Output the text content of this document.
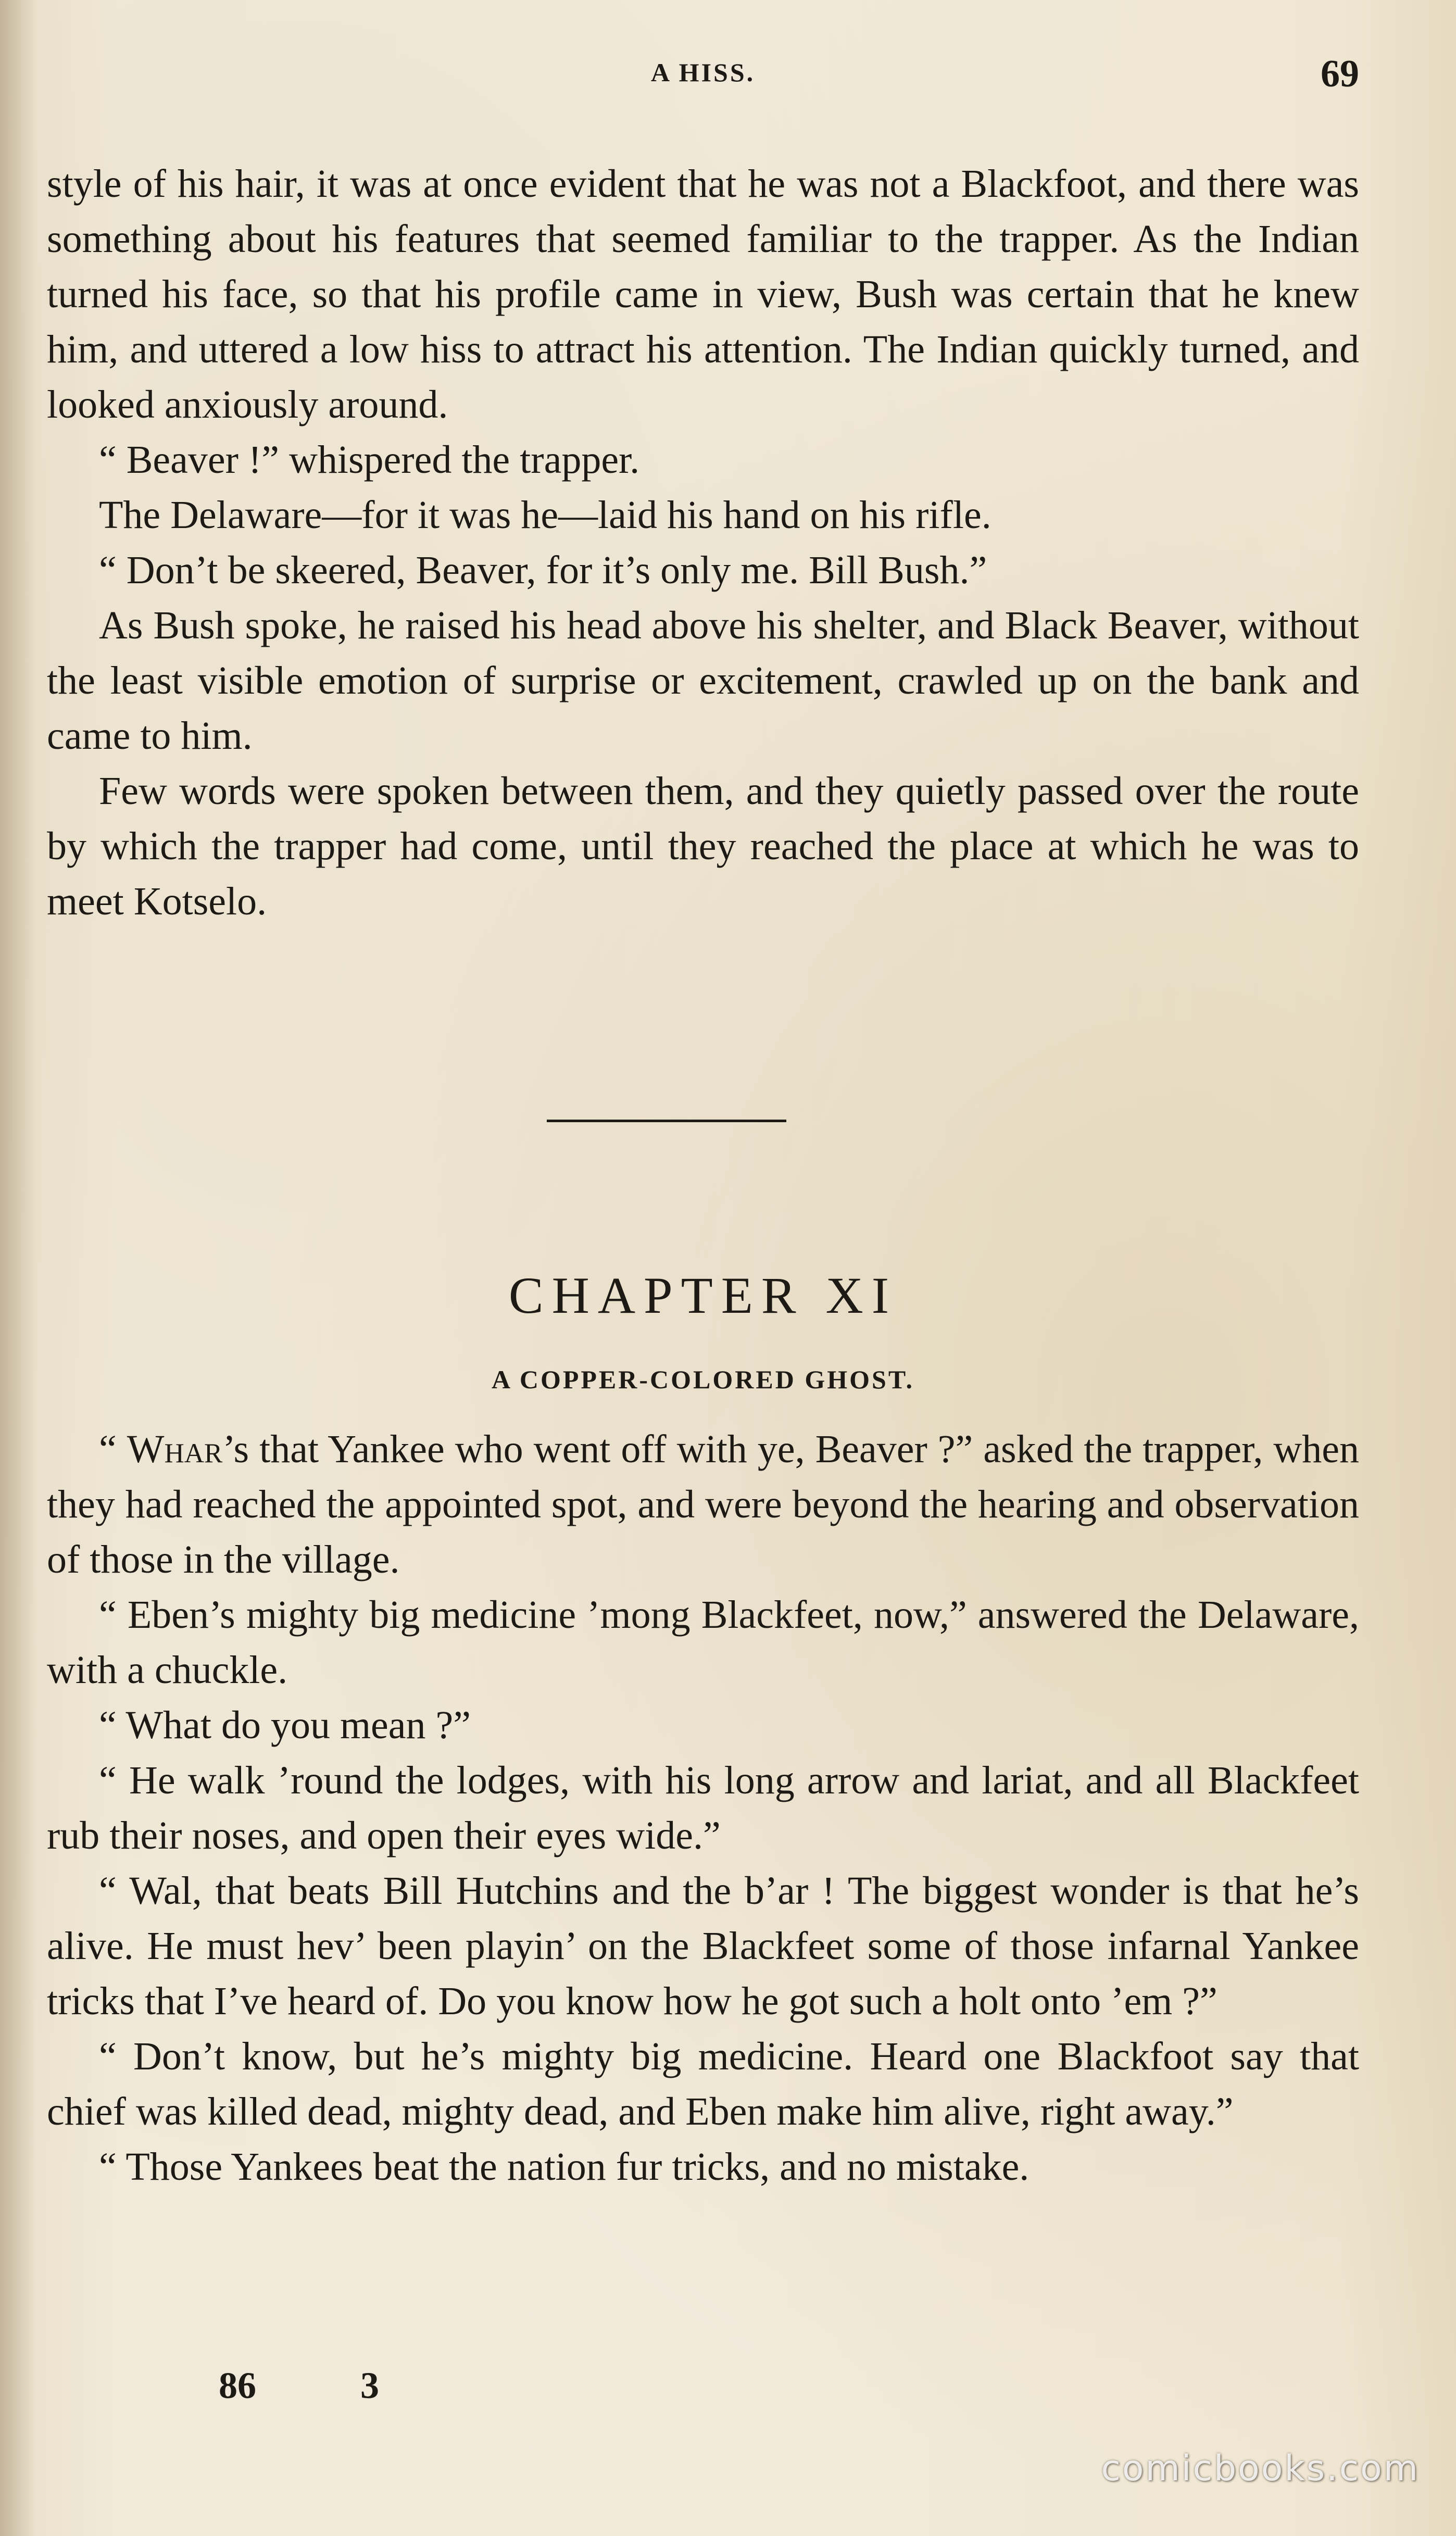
A HISS.	69

style of his hair, it was at once evident that he was not a Blackfoot, and there was something about his features that seemed familiar to the trapper. As the Indian turned his face, so that his profile came in view, Bush was certain that he knew him, and uttered a low hiss to attract his attention. The Indian quickly turned, and looked anxiously around.

“ Beaver !” whispered the trapper.

The Delaware—for it was he—laid his hand on his rifle.

“ Don’t be skeered, Beaver, for it’s only me. Bill Bush.”

As Bush spoke, he raised his head above his shelter, and Black Beaver, without the least visible emotion of surprise or excitement, crawled up on the bank and came to him.

Few words were spoken between them, and they quietly passed over the route by which the trapper had come, until they reached the place at which he was to meet Kotselo.

CHAPTER XI
A COPPER-COLORED GHOST.

“ Whar’s that Yankee who went off with ye, Beaver ?” asked the trapper, when they had reached the appointed spot, and were beyond the hearing and observation of those in the village.

“ Eben’s mighty big medicine ’mong Blackfeet, now,” answered the Delaware, with a chuckle.

“ What do you mean ?”

“ He walk ’round the lodges, with his long arrow and lariat, and all Blackfeet rub their noses, and open their eyes wide.”

“ Wal, that beats Bill Hutchins and the b’ar ! The biggest wonder is that he’s alive. He must hev’ been playin’ on the Blackfeet some of those infarnal Yankee tricks that I’ve heard of. Do you know how he got such a holt onto ’em ?”

“ Don’t know, but he’s mighty big medicine. Heard one Blackfoot say that chief was killed dead, mighty dead, and Eben make him alive, right away.”

“ Those Yankees beat the nation fur tricks, and no mistake.

86	3
comicbooks.com
